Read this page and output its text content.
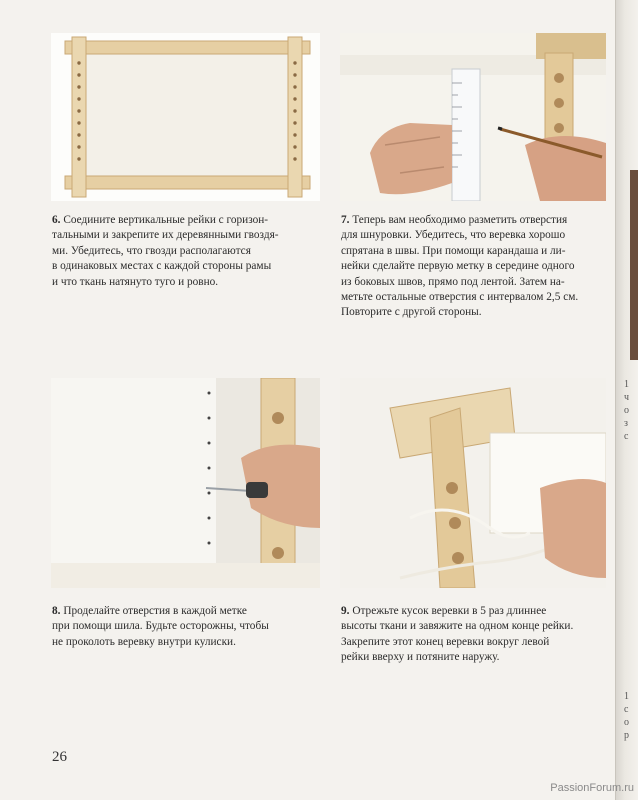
6. Соедините вертикальные рейки с горизон-
тальными и закрепите их деревянными гвоздя-
ми. Убедитесь, что гвозди располагаются
в одинаковых местах с каждой стороны рамы
и что ткань натянуто туго и ровно.

7. Теперь вам необходимо разметить отверстия
для шнуровки. Убедитесь, что веревка хорошо
спрятана в швы. При помощи карандаша и ли-
нейки сделайте первую метку в середине одного
из боковых швов, прямо под лентой. Затем на-
метьте остальные отверстия с интервалом 2,5 см.
Повторите с другой стороны.

8. Проделайте отверстия в каждой метке
при помощи шила. Будьте осторожны, чтобы
не проколоть веревку внутри кулиски.

9. Отрежьте кусок веревки в 5 раз длиннее
высоты ткани и завяжите на одном конце рейки.
Закрепите этот конец веревки вокруг левой
рейки вверху и потяните наружу.

1
ч
о
з
с
1
с
о
р
26
PassionForum.ru
